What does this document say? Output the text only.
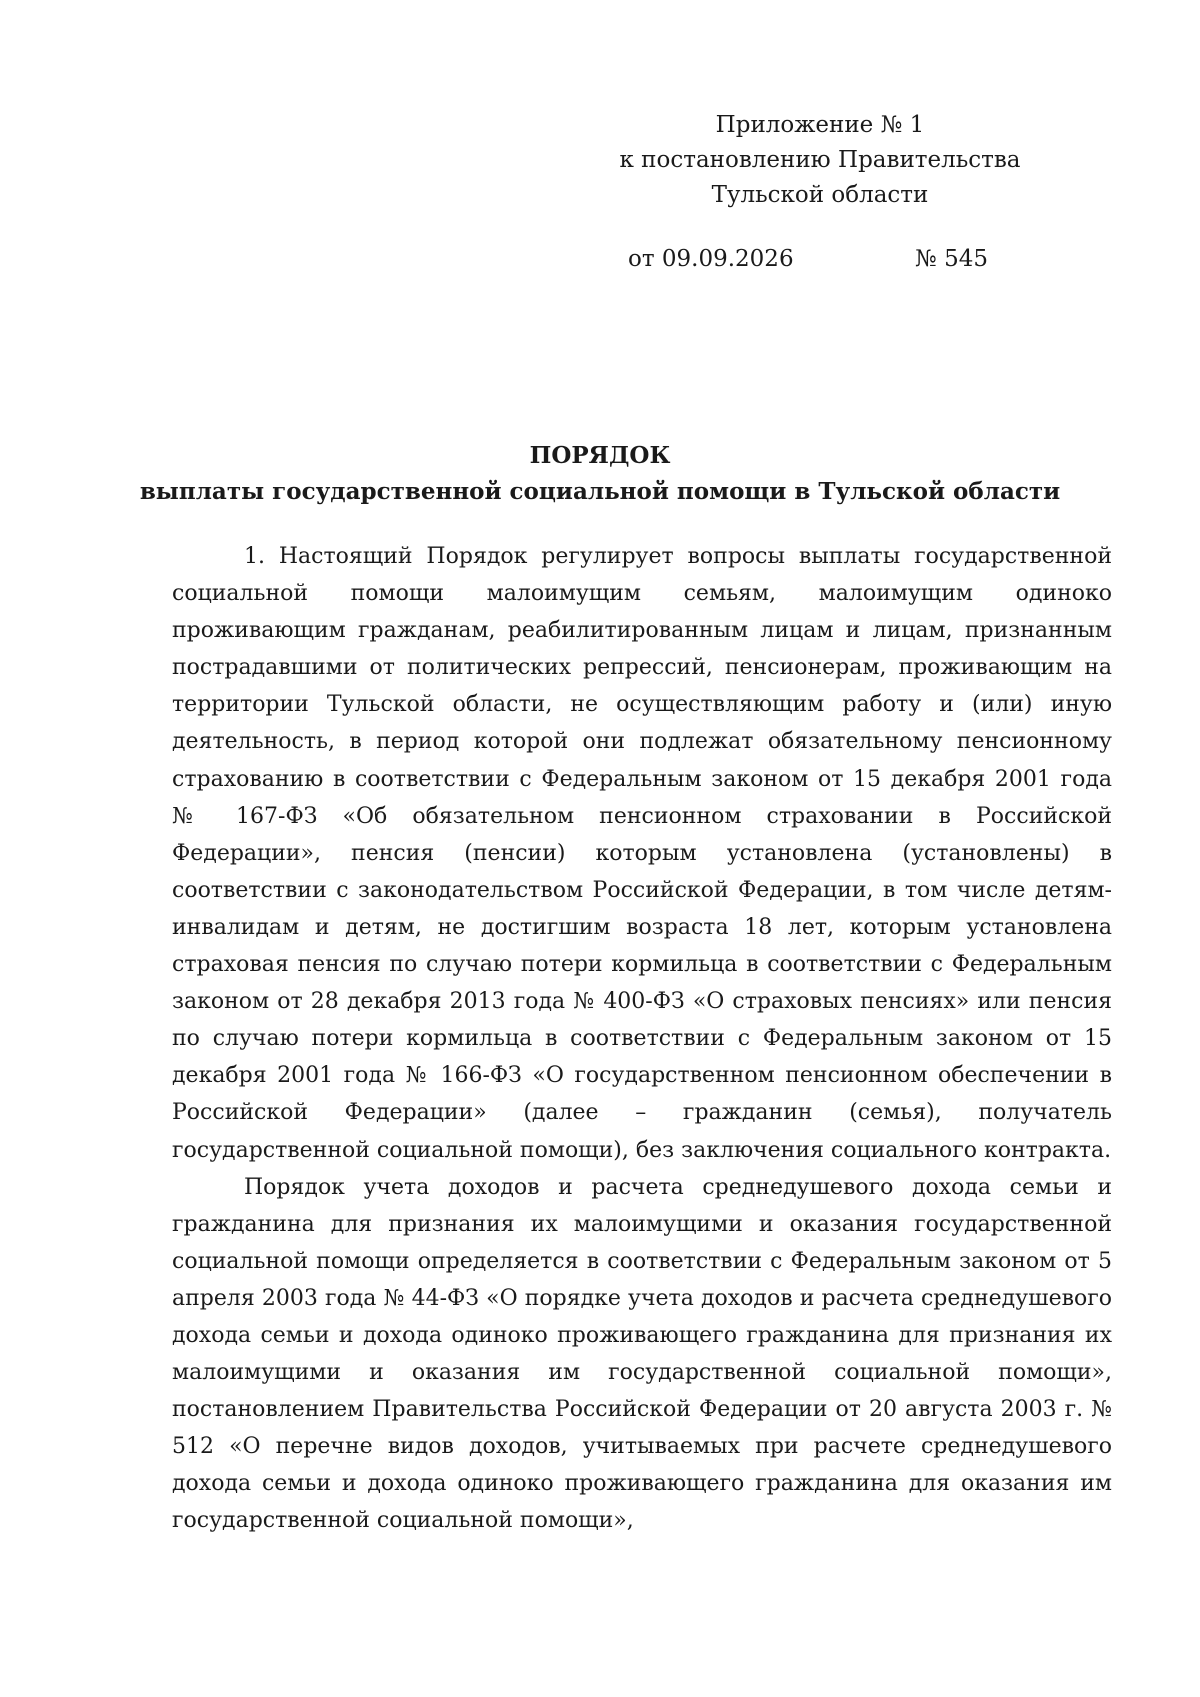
Приложение № 1
к постановлению Правительства
Тульской области
от 09.09.2026	№ 545
ПОРЯДОК
выплаты государственной социальной помощи в Тульской области

1. Настоящий Порядок регулирует вопросы выплаты государственной социальной помощи малоимущим семьям, малоимущим одиноко проживающим гражданам, реабилитированным лицам и лицам, признанным пострадавшими от политических репрессий, пенсионерам, проживающим на территории Тульской области, не осуществляющим работу и (или) иную деятельность, в период которой они подлежат обязательному пенсионному страхованию в соответствии с Федеральным законом от 15 декабря 2001 года № 167-ФЗ «Об обязательном пенсионном страховании в Российской Федерации», пенсия (пенсии) которым установлена (установлены) в соответствии с законодательством Российской Федерации, в том числе детям-инвалидам и детям, не достигшим возраста 18 лет, которым установлена страховая пенсия по случаю потери кормильца в соответствии с Федеральным законом от 28 декабря 2013 года № 400-ФЗ «О страховых пенсиях» или пенсия по случаю потери кормильца в соответствии с Федеральным законом от 15 декабря 2001 года № 166-ФЗ «О государственном пенсионном обеспечении в Российской Федерации» (далее – гражданин (семья), получатель государственной социальной помощи), без заключения социального контракта.

Порядок учета доходов и расчета среднедушевого дохода семьи и гражданина для признания их малоимущими и оказания государственной социальной помощи определяется в соответствии с Федеральным законом от 5 апреля 2003 года № 44-ФЗ «О порядке учета доходов и расчета среднедушевого дохода семьи и дохода одиноко проживающего гражданина для признания их малоимущими и оказания им государственной социальной помощи», постановлением Правительства Российской Федерации от 20 августа 2003 г. № 512 «О перечне видов доходов, учитываемых при расчете среднедушевого дохода семьи и дохода одиноко проживающего гражданина для оказания им государственной социальной помощи»,
